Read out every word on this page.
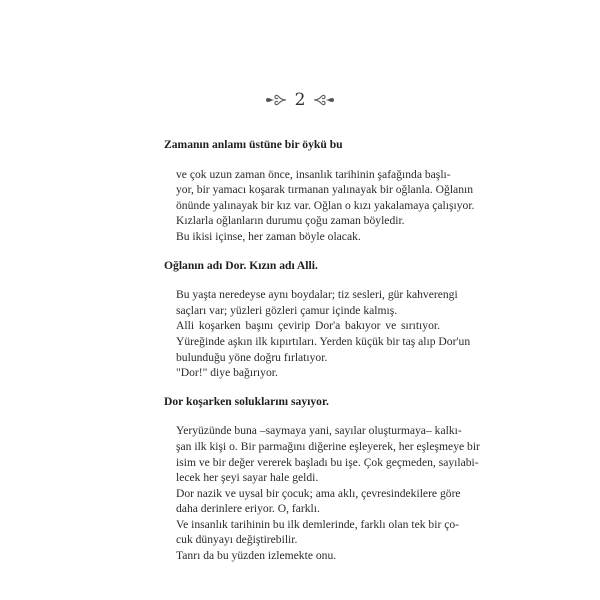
2

Zamanın anlamı üstüne bir öykü bu

ve çok uzun zaman önce, insanlık tarihinin şafağında başlı-
yor, bir yamacı koşarak tırmanan yalınayak bir oğlanla. Oğlanın
önünde yalınayak bir kız var. Oğlan o kızı yakalamaya çalışıyor.
Kızlarla oğlanların durumu çoğu zaman böyledir.
Bu ikisi içinse, her zaman böyle olacak.

Oğlanın adı Dor. Kızın adı Alli.

Bu yaşta neredeyse aynı boydalar; tiz sesleri, gür kahverengi
saçları var; yüzleri gözleri çamur içinde kalmış.
Alli koşarken başını çevirip Dor'a bakıyor ve sırıtıyor.
Yüreğinde aşkın ilk kıpırtıları. Yerden küçük bir taş alıp Dor'un
bulunduğu yöne doğru fırlatıyor.
"Dor!" diye bağırıyor.

Dor koşarken soluklarını sayıyor.

Yeryüzünde buna –saymaya yani, sayılar oluşturmaya– kalkı-
şan ilk kişi o. Bir parmağını diğerine eşleyerek, her eşleşmeye bir
isim ve bir değer vererek başladı bu işe. Çok geçmeden, sayılabi-
lecek her şeyi sayar hale geldi.
Dor nazik ve uysal bir çocuk; ama aklı, çevresindekilere göre
daha derinlere eriyor. O, farklı.
Ve insanlık tarihinin bu ilk demlerinde, farklı olan tek bir ço-
cuk dünyayı değiştirebilir.
Tanrı da bu yüzden izlemekte onu.
